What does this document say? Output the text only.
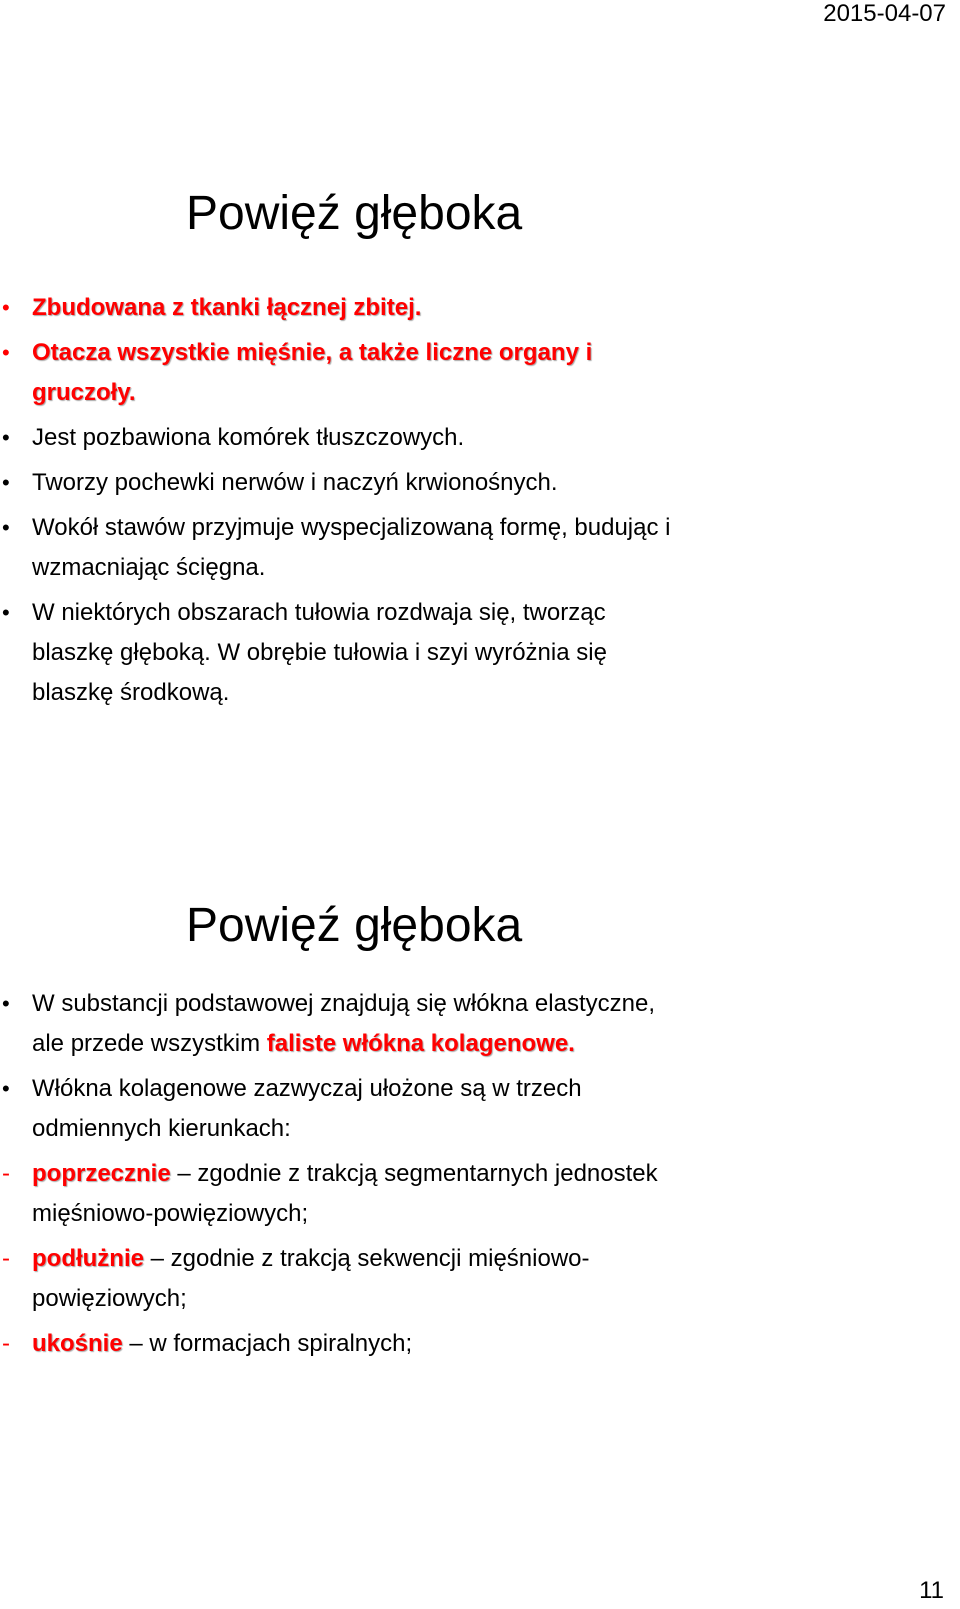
2015-04-07
Powięź głęboka
• Zbudowana z tkanki łącznej zbitej.
• Otacza wszystkie mięśnie, a także liczne organy i gruczoły.
• Jest pozbawiona komórek tłuszczowych.
• Tworzy pochewki nerwów i naczyń krwionośnych.
• Wokół stawów przyjmuje wyspecjalizowaną formę, budując i wzmacniając ścięgna.
• W niektórych obszarach tułowia rozdwaja się, tworząc blaszkę głęboką. W obrębie tułowia i szyi wyróżnia się blaszkę środkową.
Powięź głęboka
• W substancji podstawowej znajdują się włókna elastyczne, ale przede wszystkim faliste włókna kolagenowe.
• Włókna kolagenowe zazwyczaj ułożone są w trzech odmiennych kierunkach:
- poprzecznie – zgodnie z trakcją segmentarnych jednostek mięśniowo-powięziowych;
- podłużnie – zgodnie z trakcją sekwencji mięśniowo-powięziowych;
- ukośnie – w formacjach spiralnych;
11
